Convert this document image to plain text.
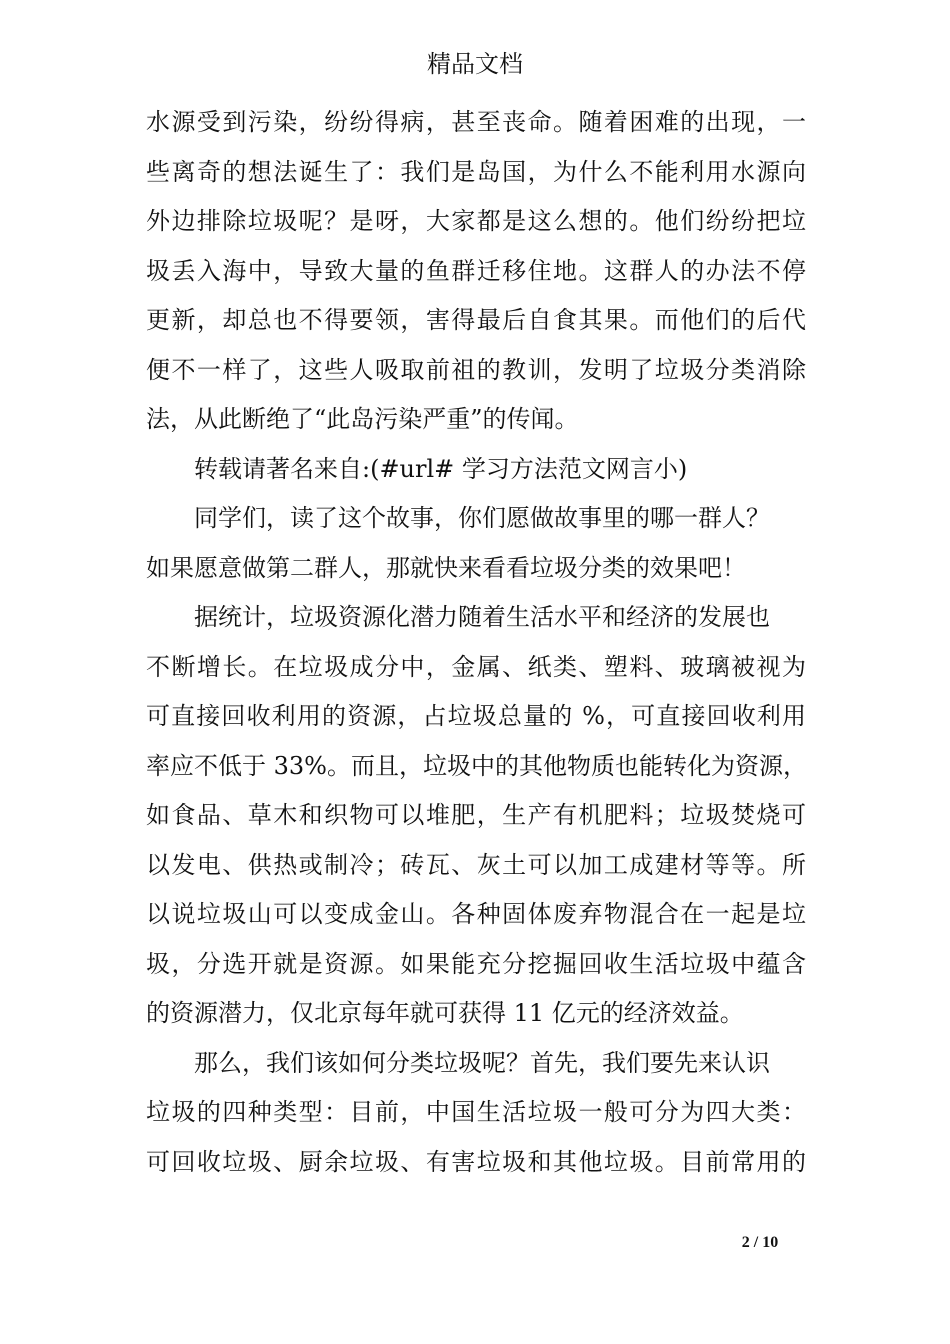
精品文档
水源受到污染，纷纷得病，甚至丧命。随着困难的出现，一
些离奇的想法诞生了：我们是岛国，为什么不能利用水源向
外边排除垃圾呢？是呀，大家都是这么想的。他们纷纷把垃
圾丢入海中，导致大量的鱼群迁移住地。这群人的办法不停
更新，却总也不得要领，害得最后自食其果。而他们的后代
便不一样了，这些人吸取前祖的教训，发明了垃圾分类消除
法，从此断绝了“此岛污染严重”的传闻。
转载请著名来自:(#url# 学习方法范文网言小)
同学们，读了这个故事，你们愿做故事里的哪一群人？
如果愿意做第二群人，那就快来看看垃圾分类的效果吧！
据统计，垃圾资源化潜力随着生活水平和经济的发展也
不断增长。在垃圾成分中，金属、纸类、塑料、玻璃被视为
可直接回收利用的资源，占垃圾总量的 %，可直接回收利用
率应不低于 33%。而且，垃圾中的其他物质也能转化为资源，
如食品、草木和织物可以堆肥，生产有机肥料；垃圾焚烧可
以发电、供热或制冷；砖瓦、灰土可以加工成建材等等。所
以说垃圾山可以变成金山。各种固体废弃物混合在一起是垃
圾，分选开就是资源。如果能充分挖掘回收生活垃圾中蕴含
的资源潜力，仅北京每年就可获得 11 亿元的经济效益。
那么，我们该如何分类垃圾呢？首先，我们要先来认识
垃圾的四种类型：目前，中国生活垃圾一般可分为四大类：
可回收垃圾、厨余垃圾、有害垃圾和其他垃圾。目前常用的
2 / 10
